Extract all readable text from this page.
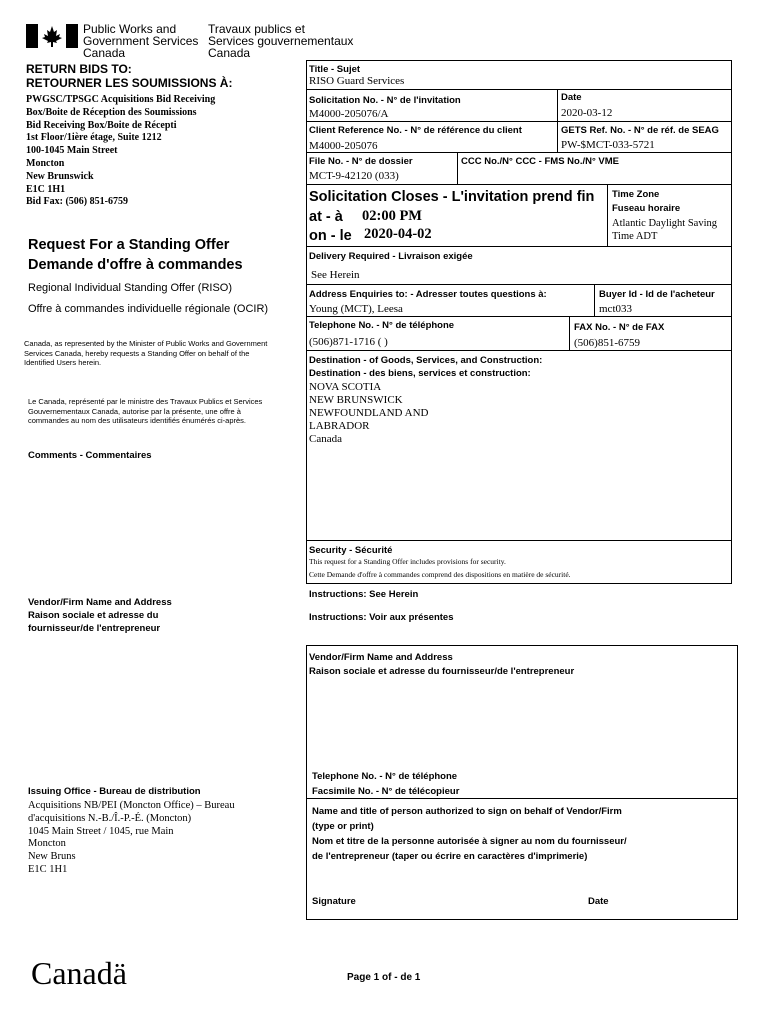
Public Works and
Government Services
Canada
Travaux publics et
Services gouvernementaux
Canada
RETURN BIDS TO:
RETOURNER LES SOUMISSIONS À:
PWGSC/TPSGC Acquisitions Bid Receiving
Box/Boite de Réception des Soumissions
Bid Receiving Box/Boite de Récepti
1st Floor/1ière étage, Suite 1212
100-1045 Main Street
Moncton
New Brunswick
E1C 1H1
Bid Fax: (506) 851-6759
Request For a Standing Offer
Demande d'offre à commandes
Regional Individual Standing Offer (RISO)
Offre à commandes individuelle régionale (OCIR)
Canada, as represented by the Minister of Public Works and Government Services Canada, hereby requests a Standing Offer on behalf of the Identified Users herein.
Le Canada, représenté par le ministre des Travaux Publics et Services Gouvernementaux Canada, autorise par la présente, une offre à commandes au nom des utilisateurs identifiés énumérés ci-après.
Comments - Commentaires
Vendor/Firm Name and Address
Raison sociale et adresse du
fournisseur/de l'entrepreneur
Issuing Office - Bureau de distribution
Acquisitions NB/PEI (Moncton Office) – Bureau
d'acquisitions N.-B./Î.-P.-É. (Moncton)
1045 Main Street / 1045, rue Main
Moncton
New Bruns
E1C 1H1
Title - Sujet
RISO Guard Services
Solicitation No. - N° de l'invitation
M4000-205076/A
Date
2020-03-12
Client Reference No. - N° de référence du client
M4000-205076
GETS Ref. No. - N° de réf. de SEAG
PW-$MCT-033-5721
File No. - N° de dossier
MCT-9-42120 (033)
CCC No./N° CCC - FMS No./N° VME
Solicitation Closes - L'invitation prend fin
at - à 02:00 PM
on - le 2020-04-02
Time Zone
Fuseau horaire
Atlantic Daylight Saving
Time ADT
Delivery Required - Livraison exigée
See Herein
Address Enquiries to: - Adresser toutes questions à:
Young (MCT), Leesa
Buyer Id - Id de l'acheteur
mct033
Telephone No. - N° de téléphone
(506)871-1716 ( )
FAX No. - N° de FAX
(506)851-6759
Destination - of Goods, Services, and Construction:
Destination - des biens, services et construction:
NOVA SCOTIA
NEW BRUNSWICK
NEWFOUNDLAND AND
LABRADOR
Canada
Security - Sécurité
This request for a Standing Offer includes provisions for security.
Cette Demande d'offre à commandes comprend des dispositions en matière de sécurité.
Instructions: See Herein
Instructions: Voir aux présentes
Vendor/Firm Name and Address
Raison sociale et adresse du fournisseur/de l'entrepreneur
Telephone No. - N° de téléphone
Facsimile No. - N° de télécopieur
Name and title of person authorized to sign on behalf of Vendor/Firm
(type or print)
Nom et titre de la personne autorisée à signer au nom du fournisseur/
de l'entrepreneur (taper ou écrire en caractères d'imprimerie)
Signature	Date
Canadä	Page 1 of - de 1
